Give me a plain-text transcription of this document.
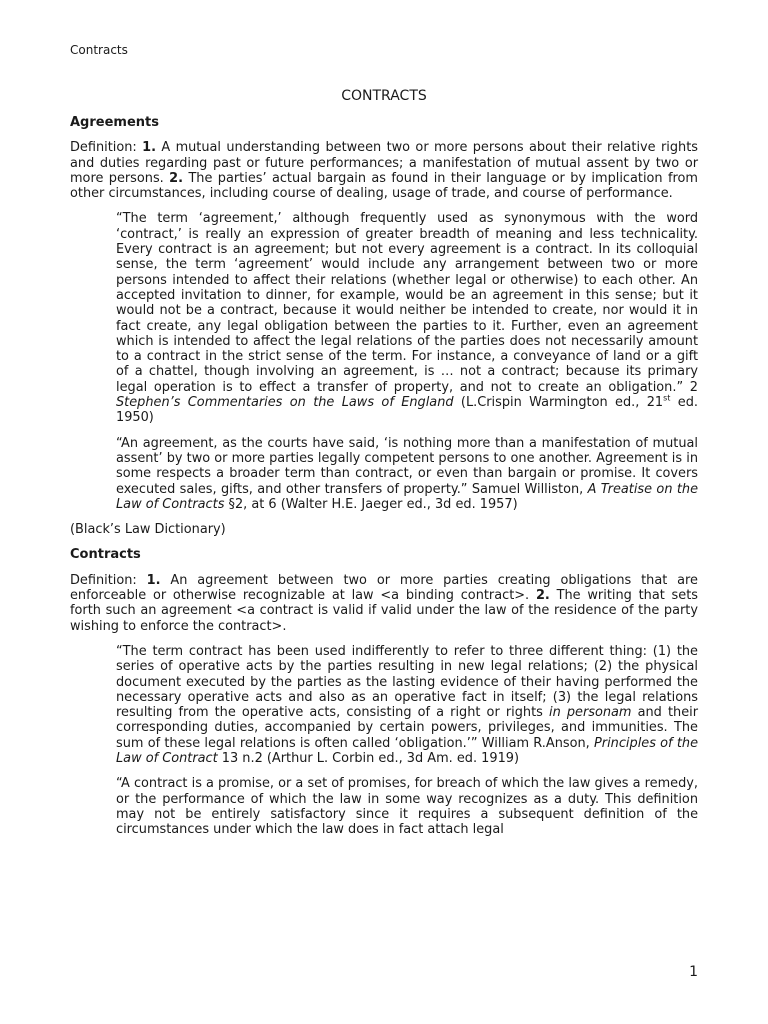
Contracts
CONTRACTS
Agreements
Definition: 1. A mutual understanding between two or more persons about their relative rights and duties regarding past or future performances; a manifestation of mutual assent by two or more persons. 2. The parties’ actual bargain as found in their language or by implication from other circumstances, including course of dealing, usage of trade, and course of performance.
“The term ‘agreement,’ although frequently used as synonymous with the word ‘contract,’ is really an expression of greater breadth of meaning and less technicality. Every contract is an agreement; but not every agreement is a contract. In its colloquial sense, the term ‘agreement’ would include any arrangement between two or more persons intended to affect their relations (whether legal or otherwise) to each other. An accepted invitation to dinner, for example, would be an agreement in this sense; but it would not be a contract, because it would neither be intended to create, nor would it in fact create, any legal obligation between the parties to it. Further, even an agreement which is intended to affect the legal relations of the parties does not necessarily amount to a contract in the strict sense of the term. For instance, a conveyance of land or a gift of a chattel, though involving an agreement, is … not a contract; because its primary legal operation is to effect a transfer of property, and not to create an obligation.” 2 Stephen’s Commentaries on the Laws of England (L.Crispin Warmington ed., 21st ed. 1950)
“An agreement, as the courts have said, ‘is nothing more than a manifestation of mutual assent’ by two or more parties legally competent persons to one another. Agreement is in some respects a broader term than contract, or even than bargain or promise. It covers executed sales, gifts, and other transfers of property.” Samuel Williston, A Treatise on the Law of Contracts §2, at 6 (Walter H.E. Jaeger ed., 3d ed. 1957)
(Black’s Law Dictionary)
Contracts
Definition: 1. An agreement between two or more parties creating obligations that are enforceable or otherwise recognizable at law <a binding contract>. 2. The writing that sets forth such an agreement <a contract is valid if valid under the law of the residence of the party wishing to enforce the contract>.
“The term contract has been used indifferently to refer to three different thing: (1) the series of operative acts by the parties resulting in new legal relations; (2) the physical document executed by the parties as the lasting evidence of their having performed the necessary operative acts and also as an operative fact in itself; (3) the legal relations resulting from the operative acts, consisting of a right or rights in personam and their corresponding duties, accompanied by certain powers, privileges, and immunities. The sum of these legal relations is often called ‘obligation.’” William R.Anson, Principles of the Law of Contract 13 n.2 (Arthur L. Corbin ed., 3d Am. ed. 1919)
“A contract is a promise, or a set of promises, for breach of which the law gives a remedy, or the performance of which the law in some way recognizes as a duty. This definition may not be entirely satisfactory since it requires a subsequent definition of the circumstances under which the law does in fact attach legal
1
